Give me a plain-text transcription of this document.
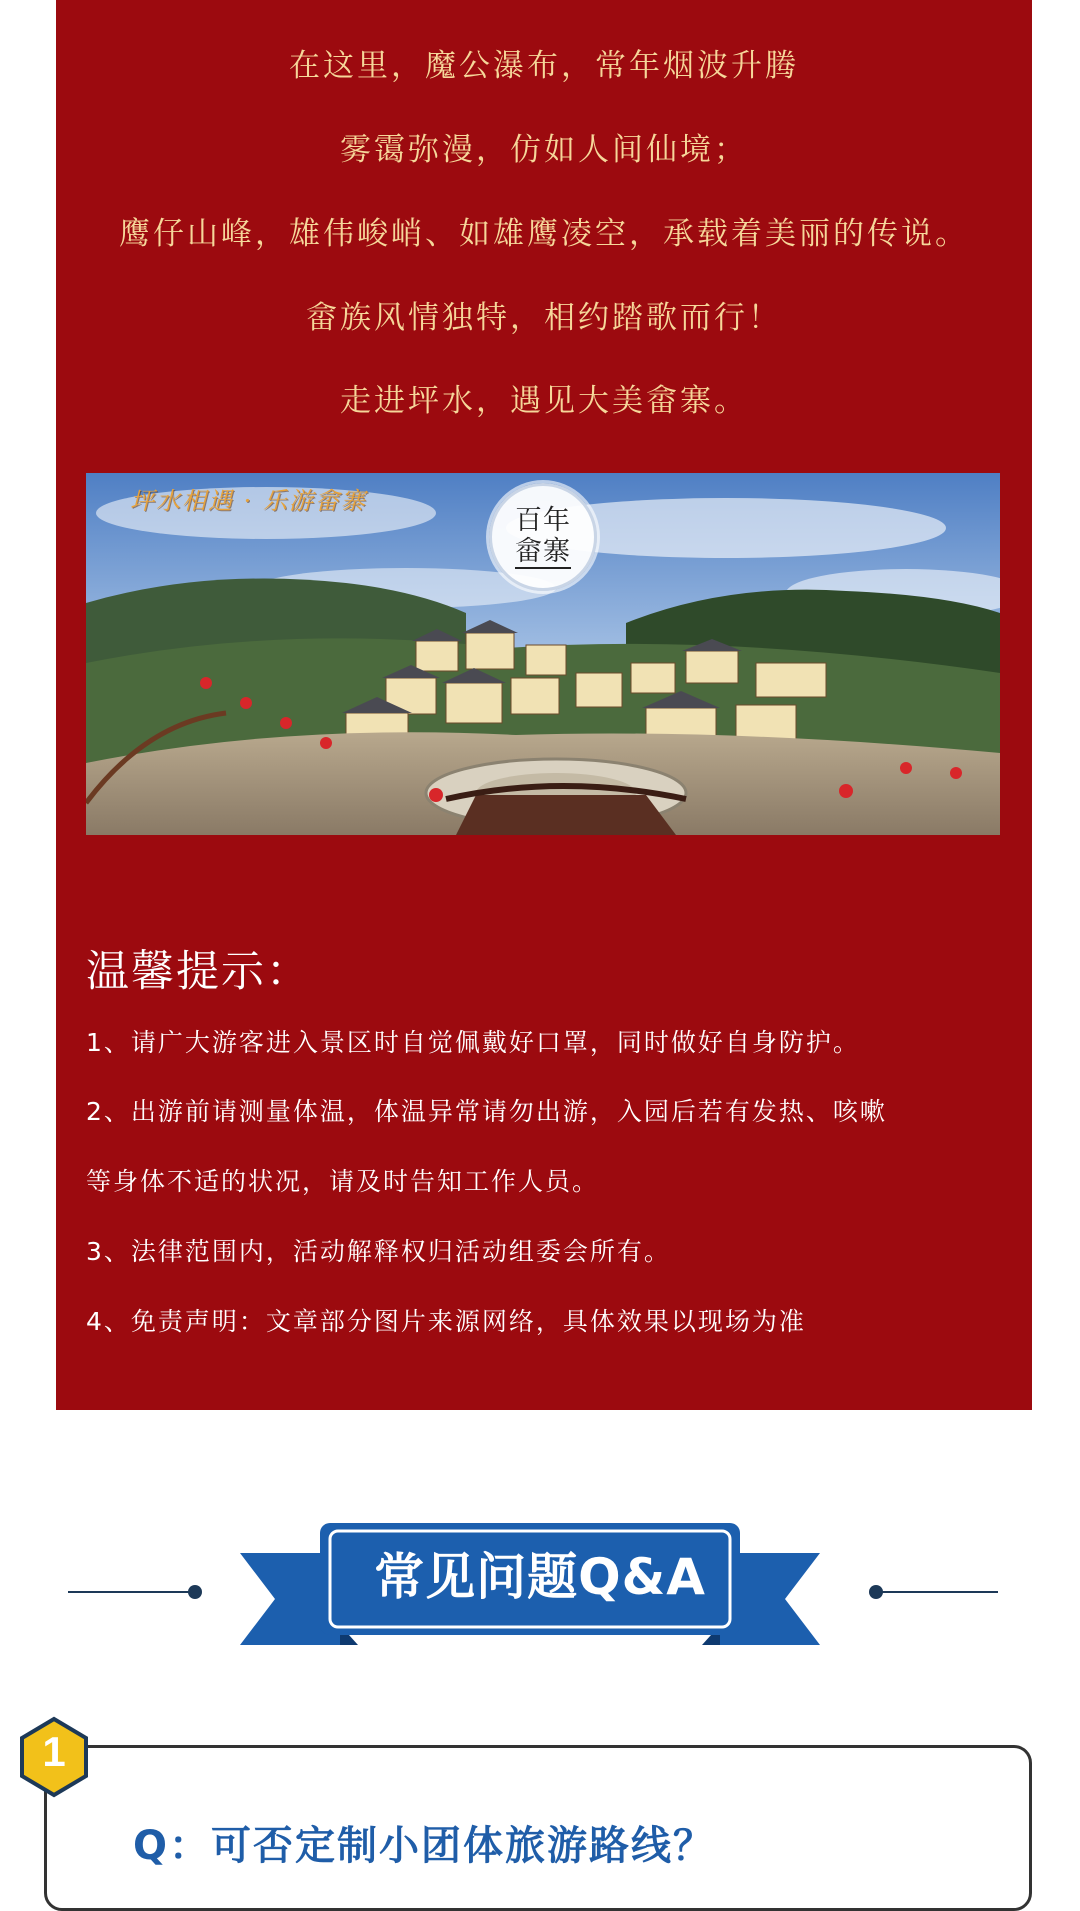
在这里，魔公瀑布，常年烟波升腾
雾霭弥漫，仿如人间仙境；
鹰仔山峰，雄伟峻峭、如雄鹰凌空，承载着美丽的传说。
畲族风情独特，相约踏歌而行！
走进坪水，遇见大美畲寨。
坪水相遇 · 乐游畲寨
百年
畲寨
温馨提示：
1、请广大游客进入景区时自觉佩戴好口罩，同时做好自身防护。
2、出游前请测量体温，体温异常请勿出游，入园后若有发热、咳嗽
等身体不适的状况，请及时告知工作人员。
3、法律范围内，活动解释权归活动组委会所有。
4、免责声明：文章部分图片来源网络，具体效果以现场为准
常见问题Q&A
Q：可否定制小团体旅游路线？
1
